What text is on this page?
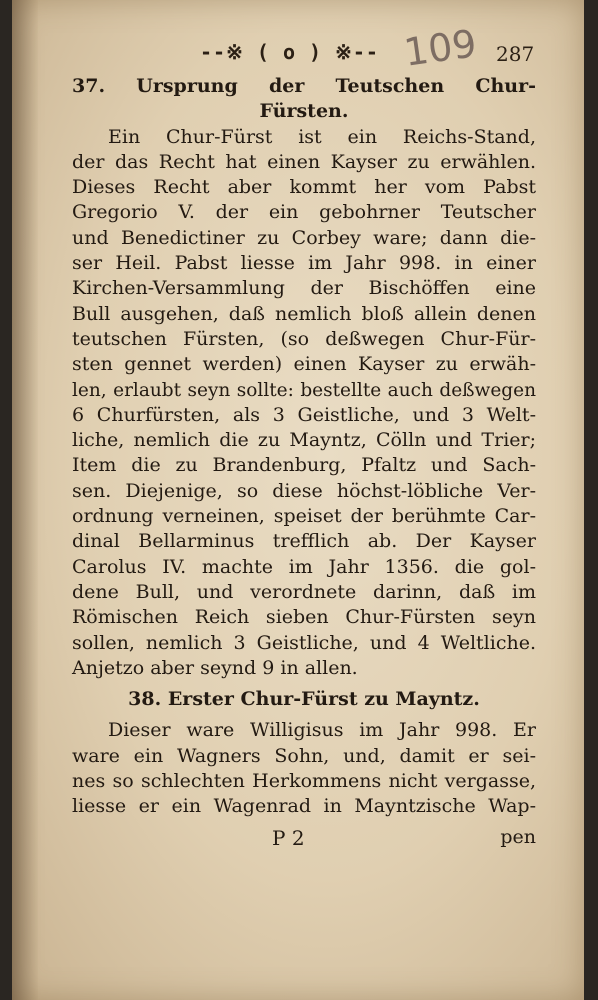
--※ ( o ) ※-- 109 287
37. Ursprung der Teutschen Chur-
Fürsten.
Ein Chur-Fürst ist ein Reichs-Stand,
der das Recht hat einen Kayser zu erwählen.
Dieses Recht aber kommt her vom Pabst
Gregorio V. der ein gebohrner Teutscher
und Benedictiner zu Corbey ware; dann die-
ser Heil. Pabst liesse im Jahr 998. in einer
Kirchen-Versammlung der Bischöffen eine
Bull ausgehen, daß nemlich bloß allein denen
teutschen Fürsten, (so deßwegen Chur-Für-
sten gennet werden) einen Kayser zu erwäh-
len, erlaubt seyn sollte: bestellte auch deßwegen
6 Churfürsten, als 3 Geistliche, und 3 Welt-
liche, nemlich die zu Mayntz, Cölln und Trier;
Item die zu Brandenburg, Pfaltz und Sach-
sen. Diejenige, so diese höchst-löbliche Ver-
ordnung verneinen, speiset der berühmte Car-
dinal Bellarminus trefflich ab. Der Kayser
Carolus IV. machte im Jahr 1356. die gol-
dene Bull, und verordnete darinn, daß im
Römischen Reich sieben Chur-Fürsten seyn
sollen, nemlich 3 Geistliche, und 4 Weltliche.
Anjetzo aber seynd 9 in allen.
38. Erster Chur-Fürst zu Mayntz.
Dieser ware Willigisus im Jahr 998. Er
ware ein Wagners Sohn, und, damit er sei-
nes so schlechten Herkommens nicht vergasse,
liesse er ein Wagenrad in Mayntzische Wap-
P 2	pen
